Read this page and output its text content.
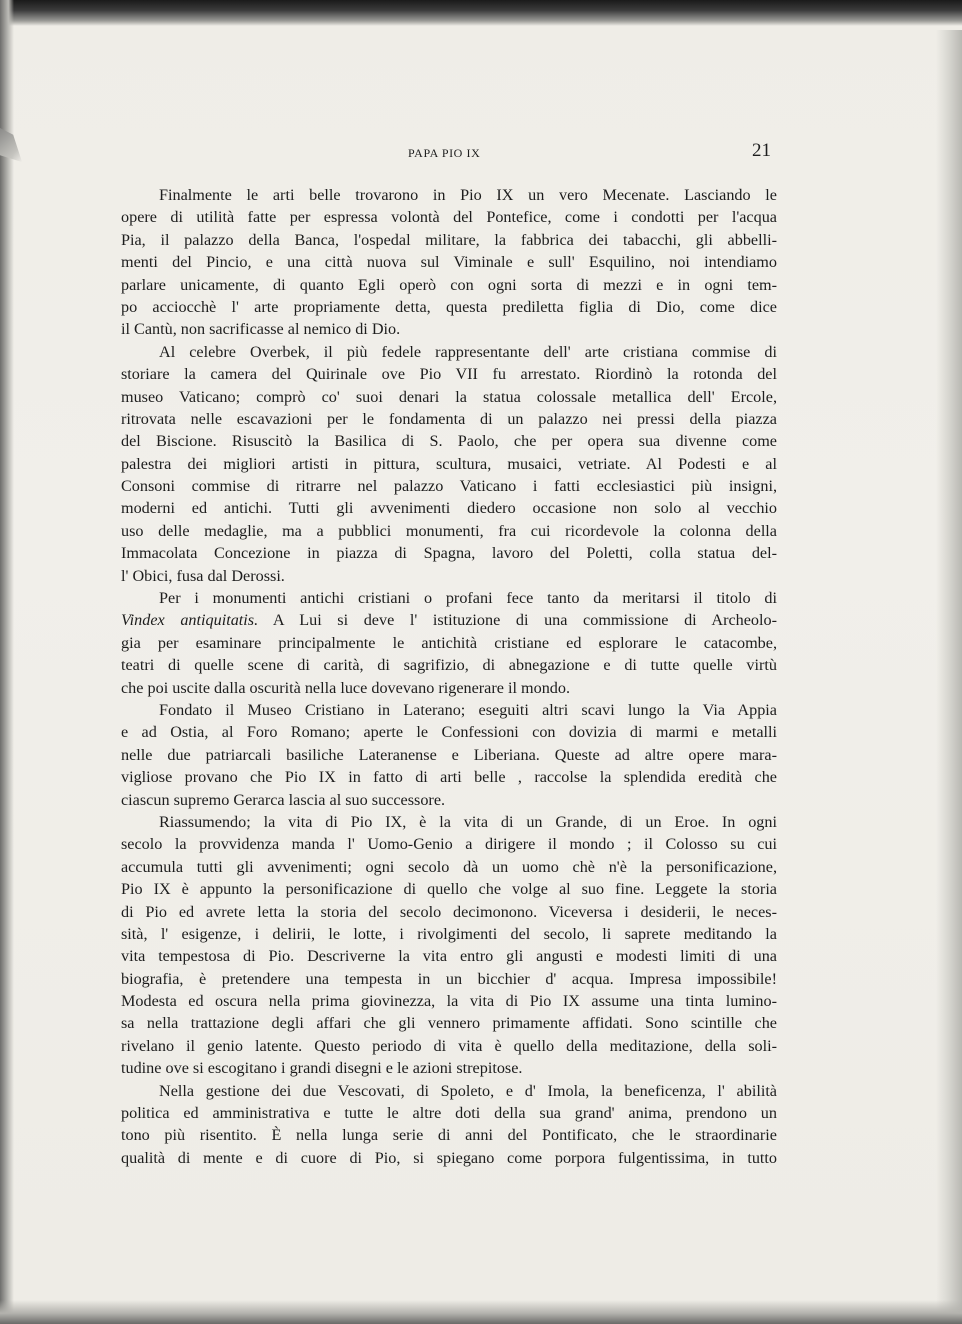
PAPA PIO IX	21
Finalmente le arti belle trovarono in Pio IX un vero Mecenate. Lasciando le
opere di utilità fatte per espressa volontà del Pontefice, come i condotti per l'acqua
Pia, il palazzo della Banca, l'ospedal militare, la fabbrica dei tabacchi, gli abbelli-
menti del Pincio, e una città nuova sul Viminale e sull' Esquilino, noi intendiamo
parlare unicamente, di quanto Egli operò con ogni sorta di mezzi e in ogni tem-
po acciocchè l' arte propriamente detta, questa prediletta figlia di Dio, come dice
il Cantù, non sacrificasse al nemico di Dio.
Al celebre Overbek, il più fedele rappresentante dell' arte cristiana commise di
storiare la camera del Quirinale ove Pio VII fu arrestato. Riordinò la rotonda del
museo Vaticano; comprò co' suoi denari la statua colossale metallica dell' Ercole,
ritrovata nelle escavazioni per le fondamenta di un palazzo nei pressi della piazza
del Biscione. Risuscitò la Basilica di S. Paolo, che per opera sua divenne come
palestra dei migliori artisti in pittura, scultura, musaici, vetriate. Al Podesti e al
Consoni commise di ritrarre nel palazzo Vaticano i fatti ecclesiastici più insigni,
moderni ed antichi. Tutti gli avvenimenti diedero occasione non solo al vecchio
uso delle medaglie, ma a pubblici monumenti, fra cui ricordevole la colonna della
Immacolata Concezione in piazza di Spagna, lavoro del Poletti, colla statua del-
l' Obici, fusa dal Derossi.
Per i monumenti antichi cristiani o profani fece tanto da meritarsi il titolo di
Vindex antiquitatis. A Lui si deve l' istituzione di una commissione di Archeolo-
gia per esaminare principalmente le antichità cristiane ed esplorare le catacombe,
teatri di quelle scene di carità, di sagrifizio, di abnegazione e di tutte quelle virtù
che poi uscite dalla oscurità nella luce dovevano rigenerare il mondo.
Fondato il Museo Cristiano in Laterano; eseguiti altri scavi lungo la Via Appia
e ad Ostia, al Foro Romano; aperte le Confessioni con dovizia di marmi e metalli
nelle due patriarcali basiliche Lateranense e Liberiana. Queste ad altre opere mara-
vigliose provano che Pio IX in fatto di arti belle , raccolse la splendida eredità che
ciascun supremo Gerarca lascia al suo successore.
Riassumendo; la vita di Pio IX, è la vita di un Grande, di un Eroe. In ogni
secolo la provvidenza manda l' Uomo-Genio a dirigere il mondo ; il Colosso su cui
accumula tutti gli avvenimenti; ogni secolo dà un uomo chè n'è la personificazione,
Pio IX è appunto la personificazione di quello che volge al suo fine. Leggete la storia
di Pio ed avrete letta la storia del secolo decimonono. Viceversa i desiderii, le neces-
sità, l' esigenze, i delirii, le lotte, i rivolgimenti del secolo, li saprete meditando la
vita tempestosa di Pio. Descriverne la vita entro gli angusti e modesti limiti di una
biografia, è pretendere una tempesta in un bicchier d' acqua. Impresa impossibile!
Modesta ed oscura nella prima giovinezza, la vita di Pio IX assume una tinta lumino-
sa nella trattazione degli affari che gli vennero primamente affidati. Sono scintille che
rivelano il genio latente. Questo periodo di vita è quello della meditazione, della soli-
tudine ove si escogitano i grandi disegni e le azioni strepitose.
Nella gestione dei due Vescovati, di Spoleto, e d' Imola, la beneficenza, l' abilità
politica ed amministrativa e tutte le altre doti della sua grand' anima, prendono un
tono più risentito. È nella lunga serie di anni del Pontificato, che le straordinarie
qualità di mente e di cuore di Pio, si spiegano come porpora fulgentissima, in tutto
